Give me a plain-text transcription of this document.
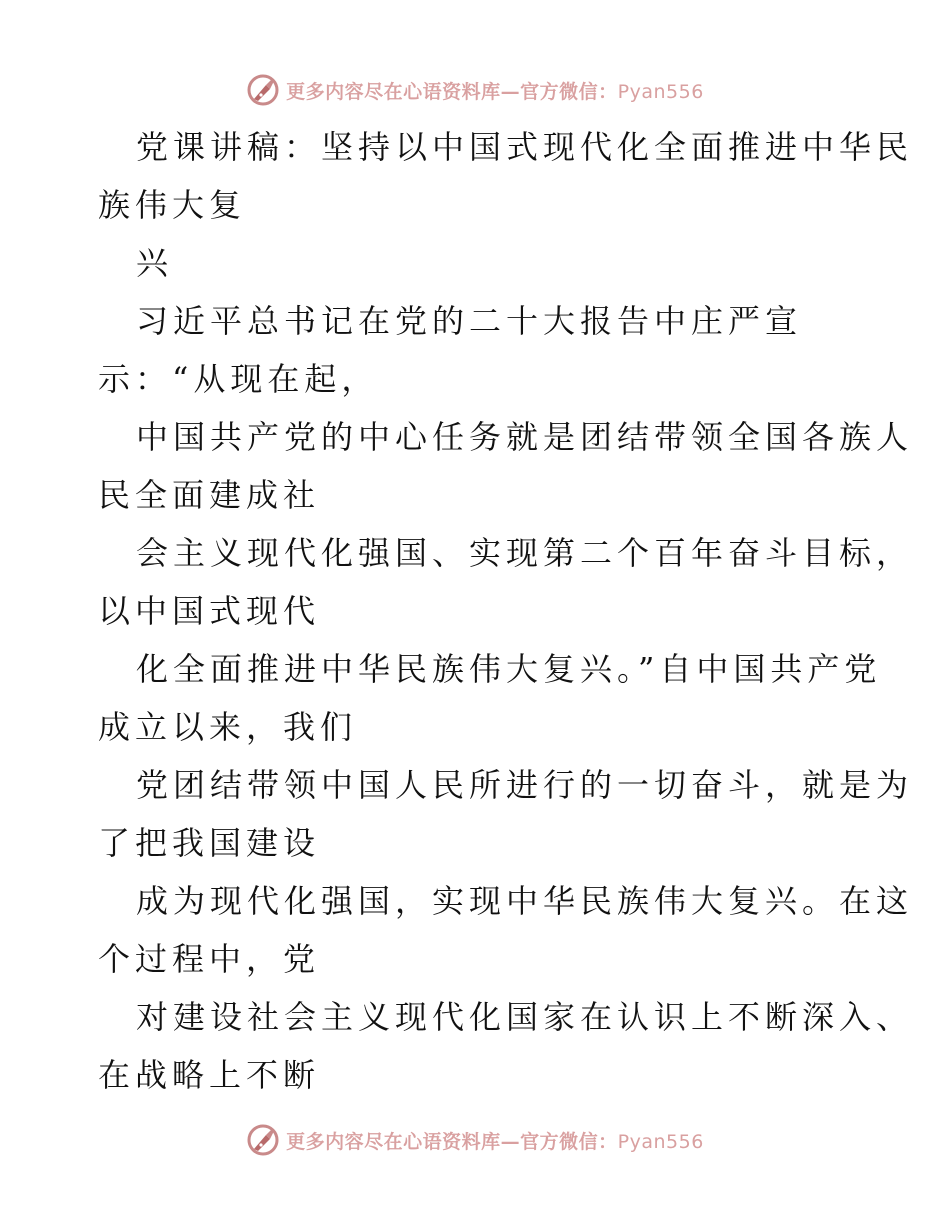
更多内容尽在心语资料库—官方微信：Pyan556
党课讲稿：坚持以中国式现代化全面推进中华民
族伟大复
兴
习近平总书记在党的二十大报告中庄严宣
示：“从现在起，
中国共产党的中心任务就是团结带领全国各族人
民全面建成社
会主义现代化强国、实现第二个百年奋斗目标，
以中国式现代
化全面推进中华民族伟大复兴。”自中国共产党
成立以来，我们
党团结带领中国人民所进行的一切奋斗，就是为
了把我国建设
成为现代化强国，实现中华民族伟大复兴。在这
个过程中，党
对建设社会主义现代化国家在认识上不断深入、
在战略上不断
更多内容尽在心语资料库—官方微信：Pyan556
